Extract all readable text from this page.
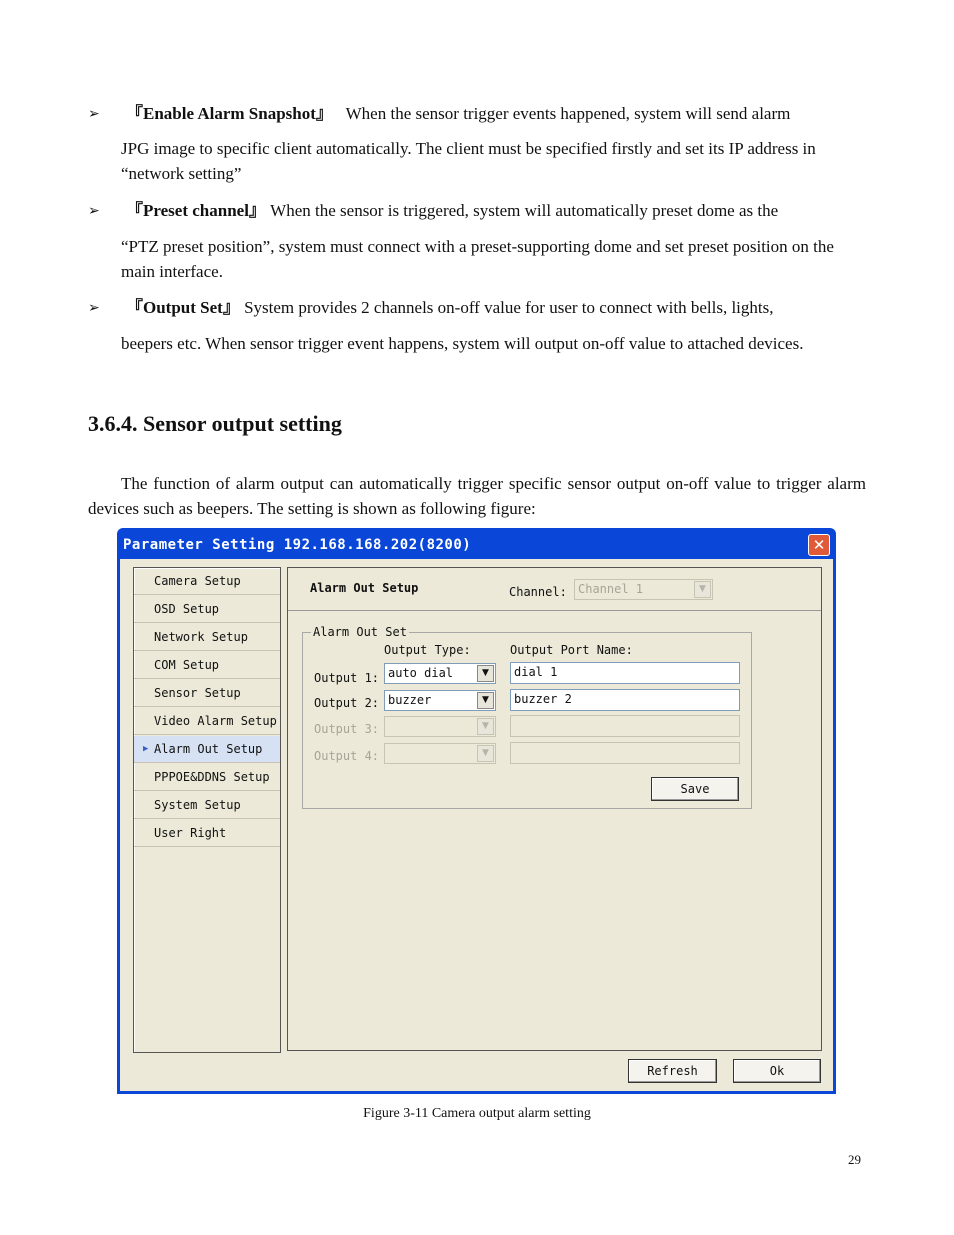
➢ 『Enable Alarm Snapshot』 When the sensor trigger events happened, system will send alarm
JPG image to specific client automatically. The client must be specified firstly and set its IP address in “network setting”
➢ 『Preset channel』 When the sensor is triggered, system will automatically preset dome as the
“PTZ preset position”, system must connect with a preset-supporting dome and set preset position on the main interface.
➢ 『Output Set』 System provides 2 channels on-off value for user to connect with bells, lights,
beepers etc. When sensor trigger event happens, system will output on-off value to attached devices.
3.6.4. Sensor output setting
The function of alarm output can automatically trigger specific sensor output on-off value to trigger alarm devices such as beepers. The setting is shown as following figure:
Parameter Setting 192.168.168.202(8200)	✕
Camera Setup
OSD Setup
Network Setup
COM Setup
Sensor Setup
Video Alarm Setup
▶ Alarm Out Setup
PPPOE&DDNS Setup
System Setup
User Right
Alarm Out Setup	Channel: Channel 1	▼
Alarm Out Set
Output Type:	Output Port Name:
Output 1: auto dial	▼	dial 1
Output 2: buzzer	▼	buzzer 2
Output 3:	▼
Output 4:	▼
Save
Refresh	Ok
Figure 3-11 Camera output alarm setting
29
